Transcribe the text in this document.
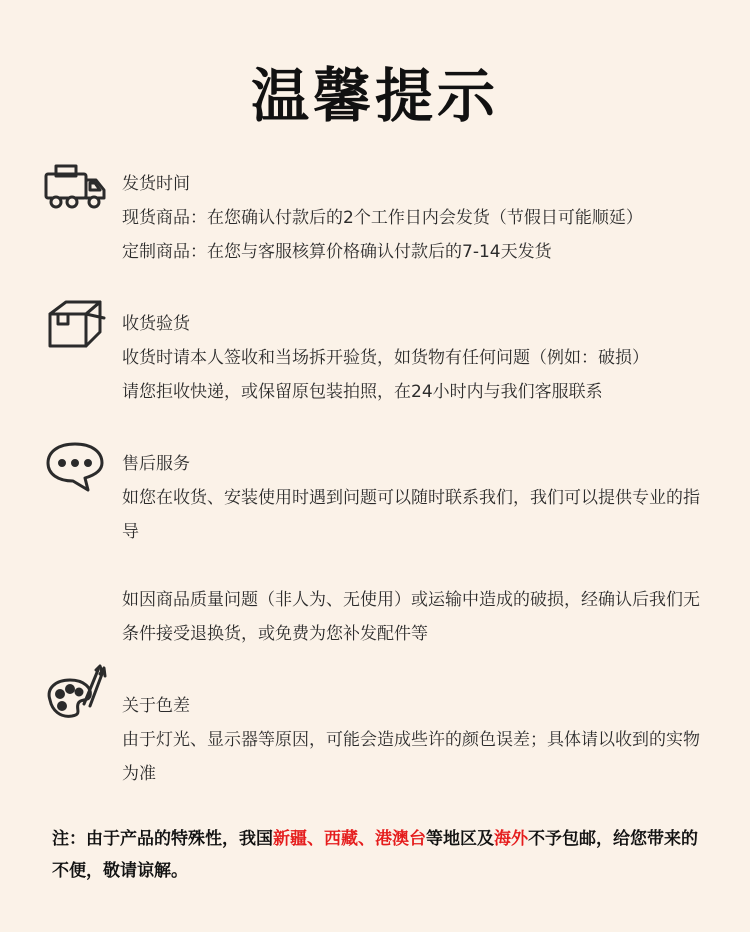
温馨提示
发货时间

现货商品：在您确认付款后的2个工作日内会发货（节假日可能顺延）

定制商品：在您与客服核算价格确认付款后的7-14天发货

收货验货

收货时请本人签收和当场拆开验货，如货物有任何问题（例如：破损）

请您拒收快递，或保留原包装拍照，在24小时内与我们客服联系

售后服务

如您在收货、安装使用时遇到问题可以随时联系我们，我们可以提供专业的指导

如因商品质量问题（非人为、无使用）或运输中造成的破损，经确认后我们无条件接受退换货，或免费为您补发配件等

关于色差

由于灯光、显示器等原因，可能会造成些许的颜色误差；具体请以收到的实物为准

注：由于产品的特殊性，我国新疆、西藏、港澳台等地区及海外不予包邮，给您带来的不便，敬请谅解。
